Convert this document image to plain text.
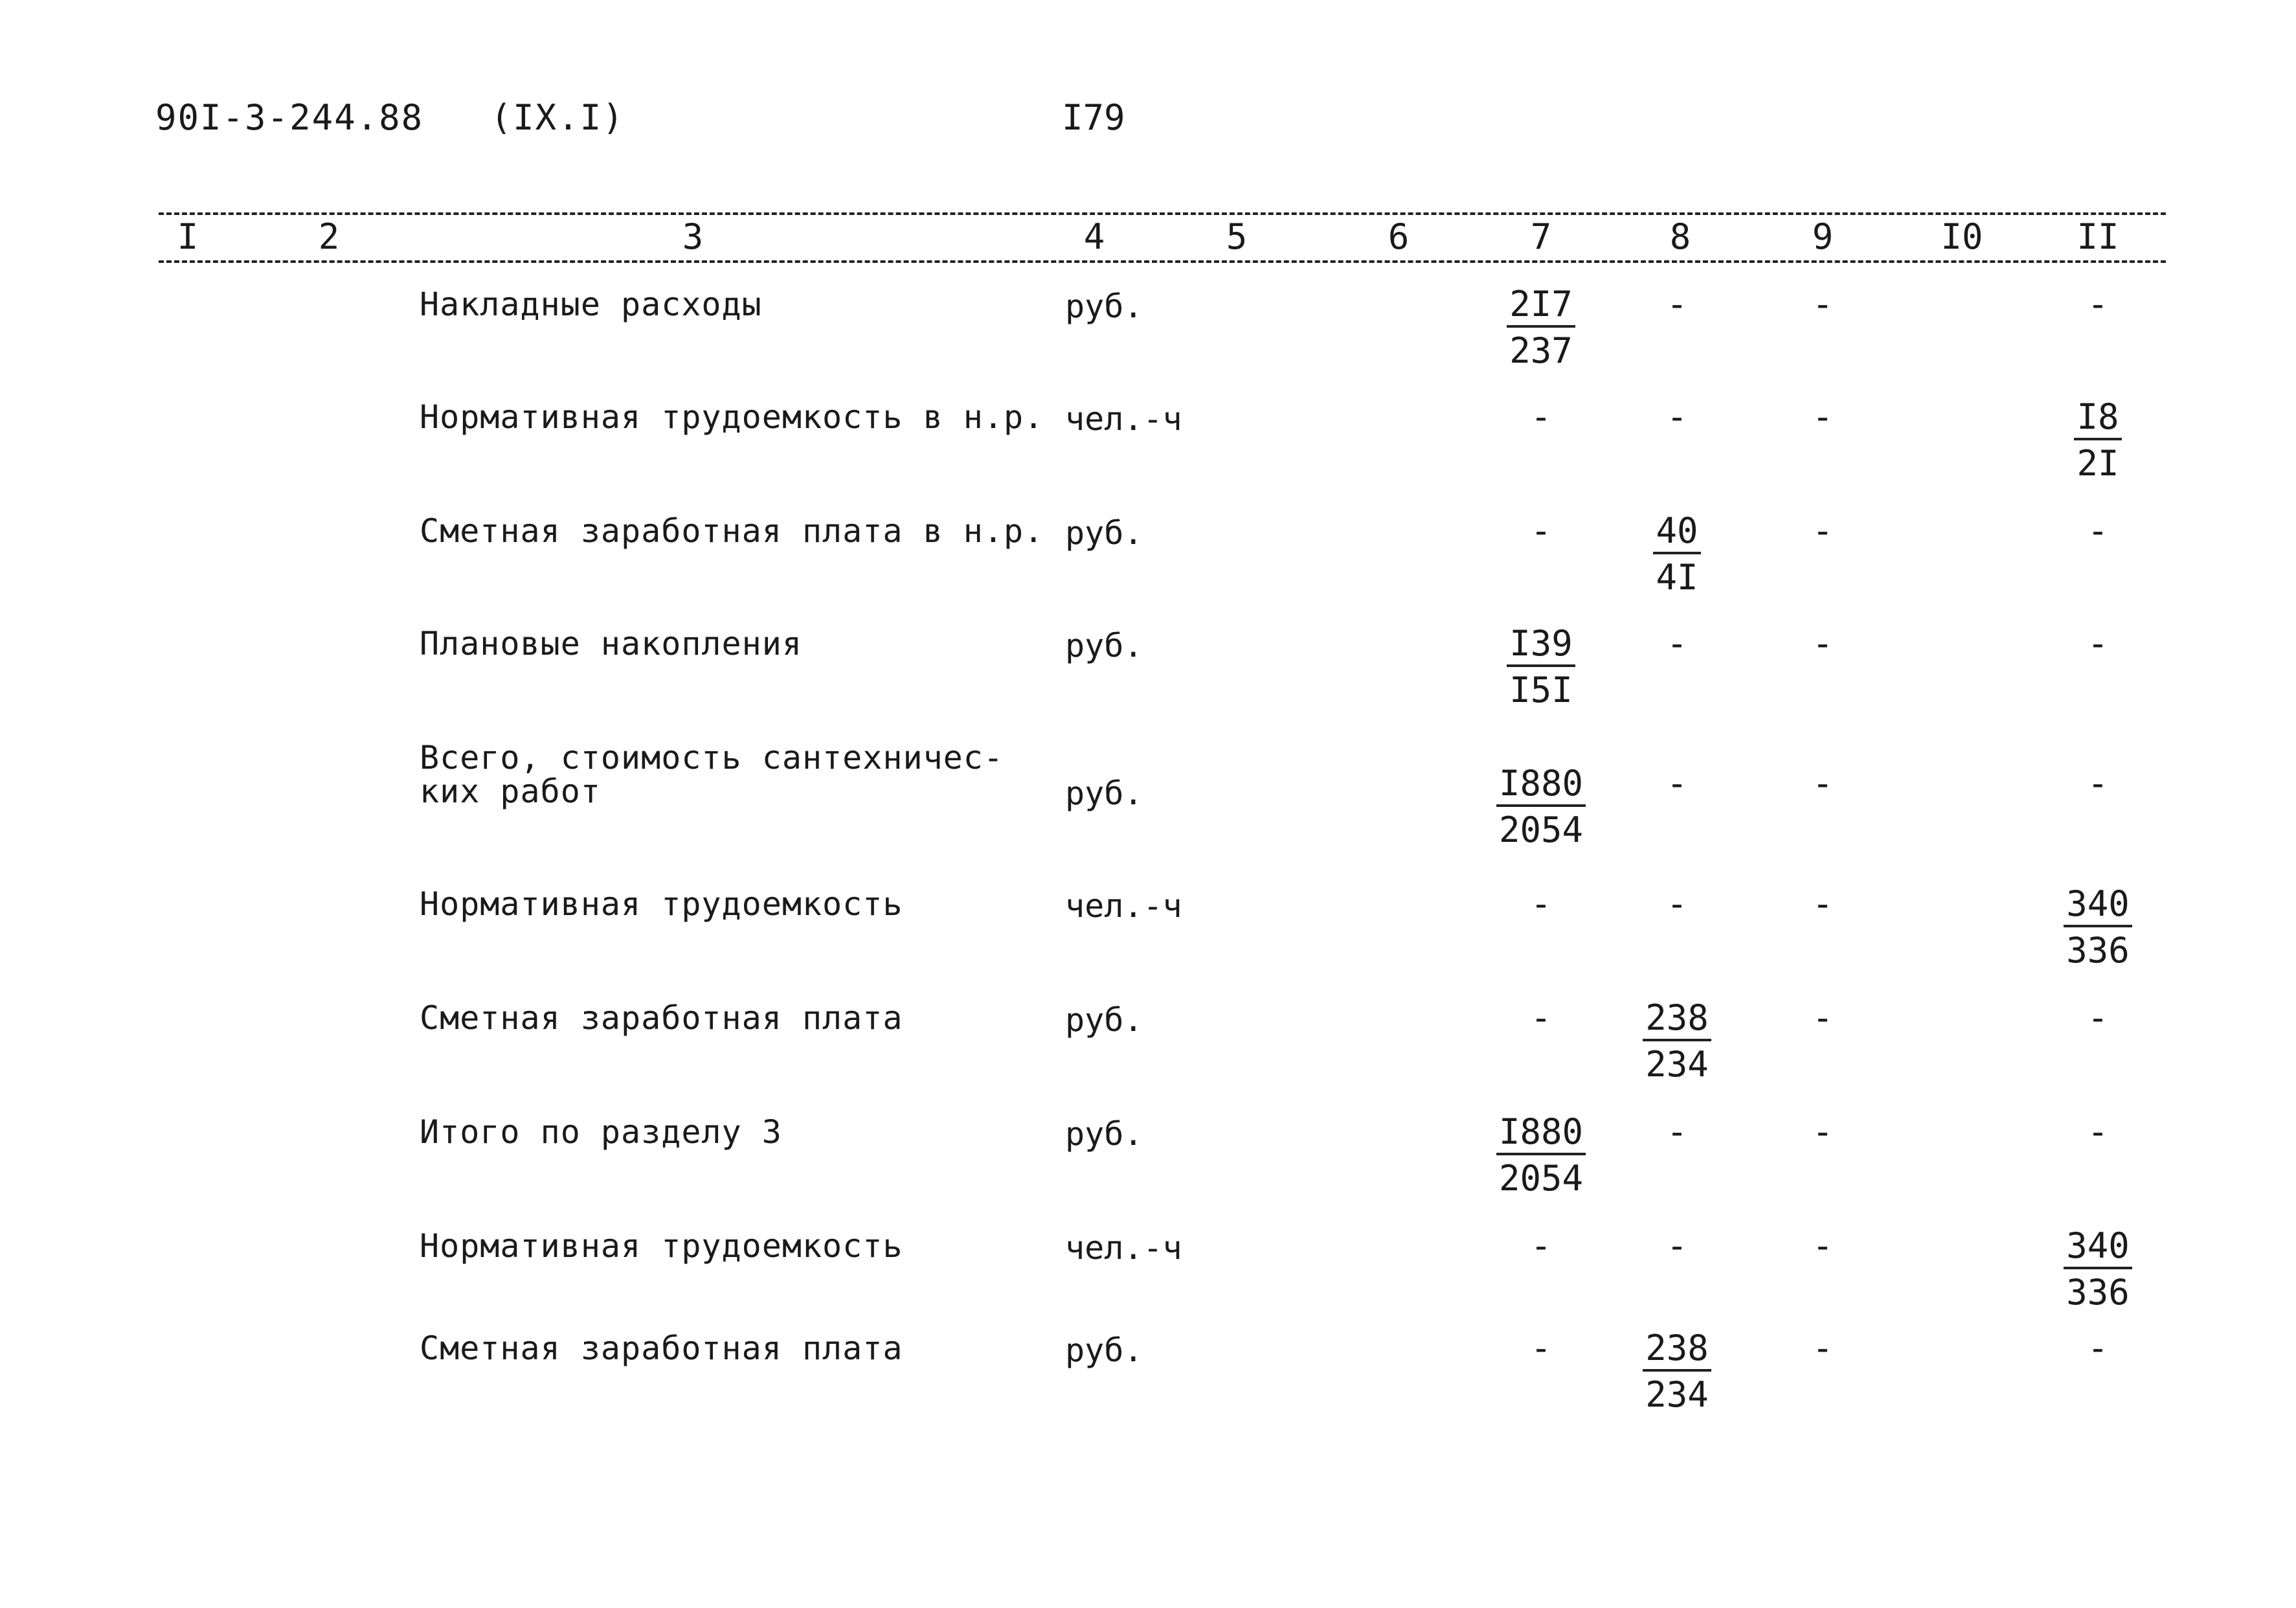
90I-3-244.88   (IX.I)	I79
I	2	3	4	5	6	7	8	9	I0	II
Накладные расходы	руб.	$\frac{2I7}{237}$	-	-	-
Нормативная трудоемкость в н.р. чел.-ч	-	-	-	$\frac{I8}{2I}$
Сметная заработная плата в н.р. руб.	-	$\frac{40}{4I}$	-	-
Плановые накопления	руб.	$\frac{I39}{I5I}$	-	-	-
Всего, стоимость сантехничес-
ких работ	руб.	$\frac{I880}{2054}$	-	-	-
Нормативная трудоемкость	чел.-ч	-	-	-	$\frac{340}{336}$
Сметная заработная плата	руб.	-	$\frac{238}{234}$	-	-
Итого по разделу 3	руб.	$\frac{I880}{2054}$	-	-	-
Нормативная трудоемкость	чел.-ч	-	-	-	$\frac{340}{336}$
Сметная заработная плата	руб.	-	$\frac{238}{234}$	-	-
